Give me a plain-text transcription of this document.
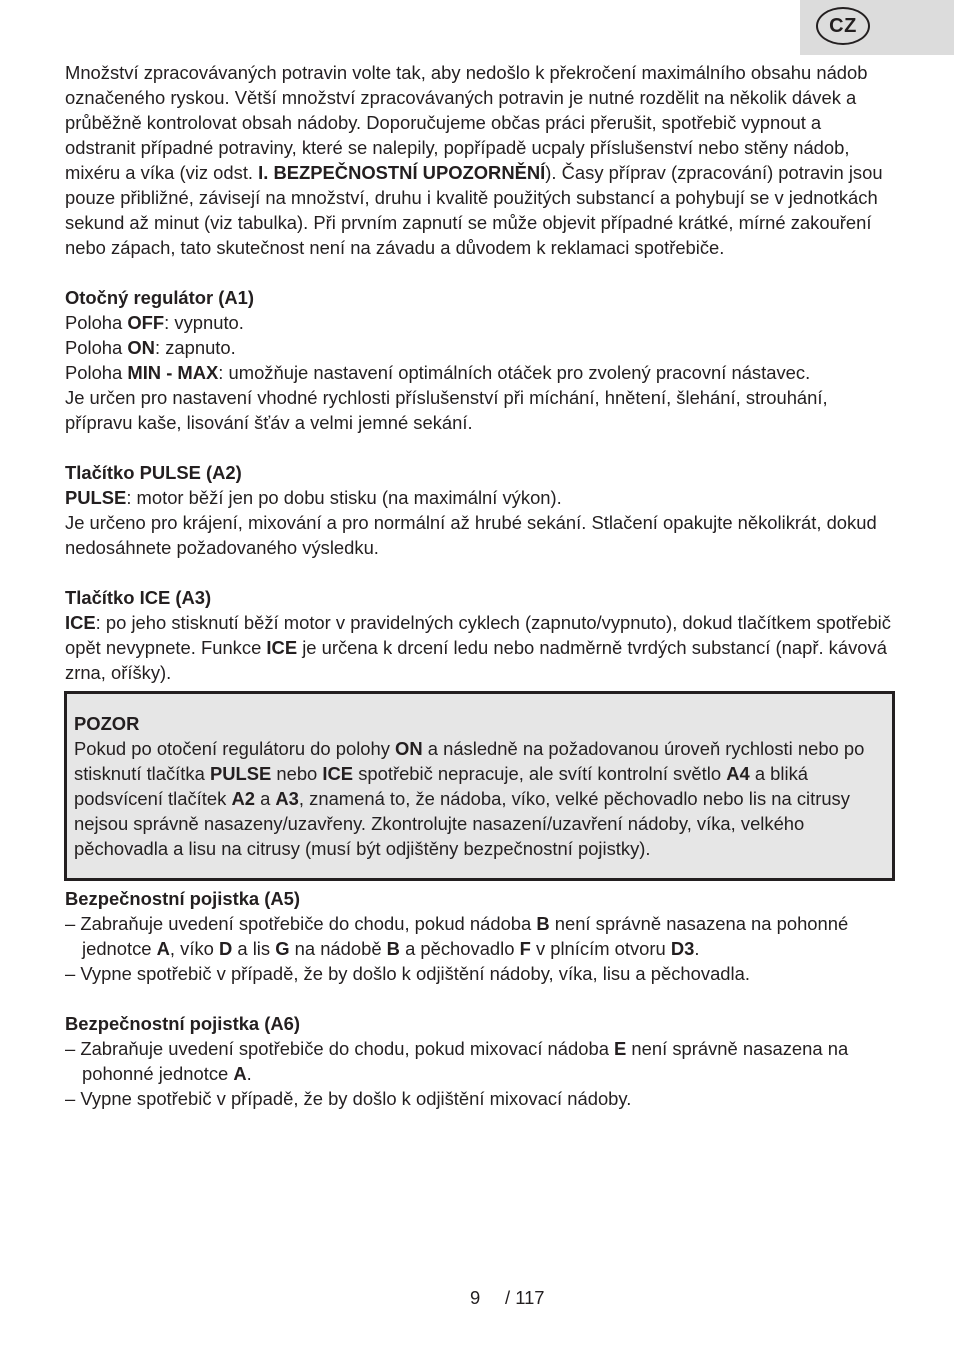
CZ

Množství zpracovávaných potravin volte tak, aby nedošlo k překročení maximálního obsahu nádob označeného ryskou. Větší množství zpracovávaných potravin je nutné rozdělit na několik dávek a průběžně kontrolovat obsah nádoby. Doporučujeme občas práci přerušit, spotřebič vypnout a odstranit případné potraviny, které se nalepily, popřípadě ucpaly příslušenství nebo stěny nádob, mixéru a víka (viz odst. I. BEZPEČNOSTNÍ UPOZORNĚNÍ). Časy příprav (zpracování) potravin jsou pouze přibližné, závisejí na množství, druhu i kvalitě použitých substancí a pohybují se v jednotkách sekund až minut (viz tabulka). Při prvním zapnutí se může objevit případné krátké, mírné zakouření nebo zápach, tato skutečnost není na závadu a důvodem k reklamaci spotřebiče.

Otočný regulátor (A1)

Poloha OFF: vypnuto.

Poloha ON: zapnuto.

Poloha MIN - MAX: umožňuje nastavení optimálních otáček pro zvolený pracovní nástavec.

Je určen pro nastavení vhodné rychlosti příslušenství při míchání, hnětení, šlehání, strouhání, přípravu kaše, lisování šťáv a velmi jemné sekání.

Tlačítko PULSE (A2)

PULSE: motor běží jen po dobu stisku (na maximální výkon).

Je určeno pro krájení, mixování a pro normální až hrubé sekání. Stlačení opakujte několikrát, dokud nedosáhnete požadovaného výsledku.

Tlačítko ICE (A3)

ICE: po jeho stisknutí běží motor v pravidelných cyklech (zapnuto/vypnuto), dokud tlačítkem spotřebič opět nevypnete. Funkce ICE je určena k drcení ledu nebo nadměrně tvrdých substancí (např. kávová zrna, oříšky).

POZOR

Pokud po otočení regulátoru do polohy ON a následně na požadovanou úroveň rychlosti nebo po stisknutí tlačítka PULSE nebo ICE spotřebič nepracuje, ale svítí kontrolní světlo A4 a bliká podsvícení tlačítek A2 a A3, znamená to, že nádoba, víko, velké pěchovadlo nebo lis na citrusy nejsou správně nasazeny/uzavřeny. Zkontrolujte nasazení/uzavření nádoby, víka, velkého pěchovadla a lisu na citrusy (musí být odjištěny bezpečnostní pojistky).

Bezpečnostní pojistka (A5)

– Zabraňuje uvedení spotřebiče do chodu, pokud nádoba B není správně nasazena na pohonné jednotce A, víko D a lis G na nádobě B a pěchovadlo F v plnícím otvoru D3.

– Vypne spotřebič v případě, že by došlo k odjištění nádoby, víka, lisu a pěchovadla.

Bezpečnostní pojistka (A6)

– Zabraňuje uvedení spotřebiče do chodu, pokud mixovací nádoba E není správně nasazena na pohonné jednotce A.

– Vypne spotřebič v případě, že by došlo k odjištění mixovací nádoby.

9 / 117
